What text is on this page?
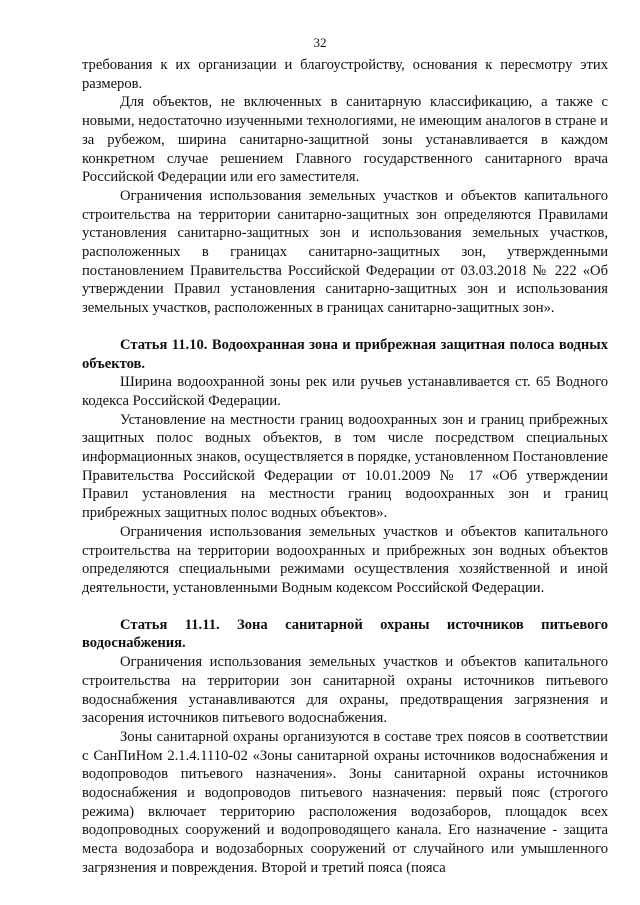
32

требования к их организации и благоустройству, основания к пересмотру этих размеров.

Для объектов, не включенных в санитарную классификацию, а также с новыми, недостаточно изученными технологиями, не имеющим аналогов в стране и за рубежом, ширина санитарно-защитной зоны устанавливается в каждом конкретном случае решением Главного государственного санитарного врача Российской Федерации или его заместителя.

Ограничения использования земельных участков и объектов капитального строительства на территории санитарно-защитных зон определяются Правилами установления санитарно-защитных зон и использования земельных участков, расположенных в границах санитарно-защитных зон, утвержденными постановлением Правительства Российской Федерации от 03.03.2018 № 222 «Об утверждении Правил установления санитарно-защитных зон и использования земельных участков, расположенных в границах санитарно-защитных зон».

Статья 11.10. Водоохранная зона и прибрежная защитная полоса водных объектов.

Ширина водоохранной зоны рек или ручьев устанавливается ст. 65 Водного кодекса Российской Федерации.

Установление на местности границ водоохранных зон и границ прибрежных защитных полос водных объектов, в том числе посредством специальных информационных знаков, осуществляется в порядке, установленном Постановление Правительства Российской Федерации от 10.01.2009 № 17 «Об утверждении Правил установления на местности границ водоохранных зон и границ прибрежных защитных полос водных объектов».

Ограничения использования земельных участков и объектов капитального строительства на территории водоохранных и прибрежных зон водных объектов определяются специальными режимами осуществления хозяйственной и иной деятельности, установленными Водным кодексом Российской Федерации.

Статья 11.11. Зона санитарной охраны источников питьевого водоснабжения.

Ограничения использования земельных участков и объектов капитального строительства на территории зон санитарной охраны источников питьевого водоснабжения устанавливаются для охраны, предотвращения загрязнения и засорения источников питьевого водоснабжения.

Зоны санитарной охраны организуются в составе трех поясов в соответствии с СанПиНом 2.1.4.1110-02 «Зоны санитарной охраны источников водоснабжения и водопроводов питьевого назначения». Зоны санитарной охраны источников водоснабжения и водопроводов питьевого назначения: первый пояс (строгого режима) включает территорию расположения водозаборов, площадок всех водопроводных сооружений и водопроводящего канала. Его назначение - защита места водозабора и водозаборных сооружений от случайного или умышленного загрязнения и повреждения. Второй и третий пояса (пояса
